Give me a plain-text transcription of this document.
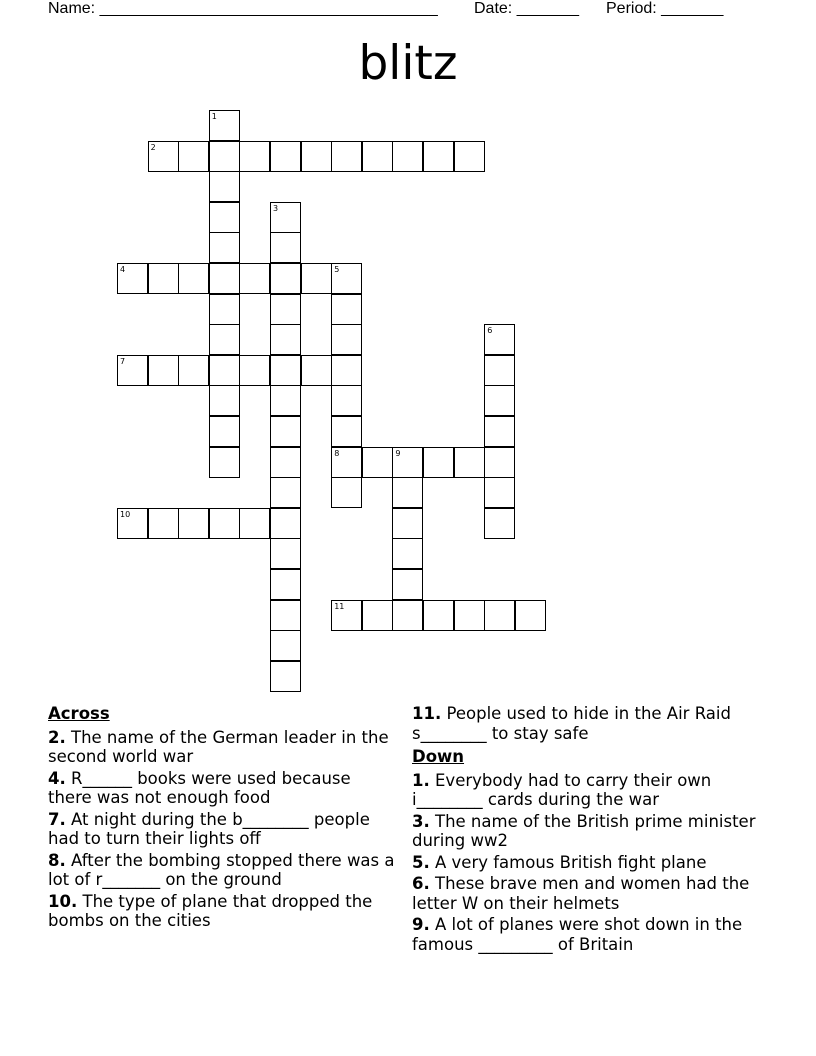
Name: ______________________________________ Date: _______ Period: _______
blitz
1
2
3
4	5
8
6
7
9
10
11
Across
2. The name of the German leader in the second world war
4. R______ books were used because there was not enough food
7. At night during the b________ people had to turn their lights off
8. After the bombing stopped there was a lot of r_______ on the ground
10. The type of plane that dropped the bombs on the cities
11. People used to hide in the Air Raid s________ to stay safe
Down
1. Everybody had to carry their own i________ cards during the war
3. The name of the British prime minister during ww2
5. A very famous British fight plane
6. These brave men and women had the letter W on their helmets
9. A lot of planes were shot down in the famous _________ of Britain
